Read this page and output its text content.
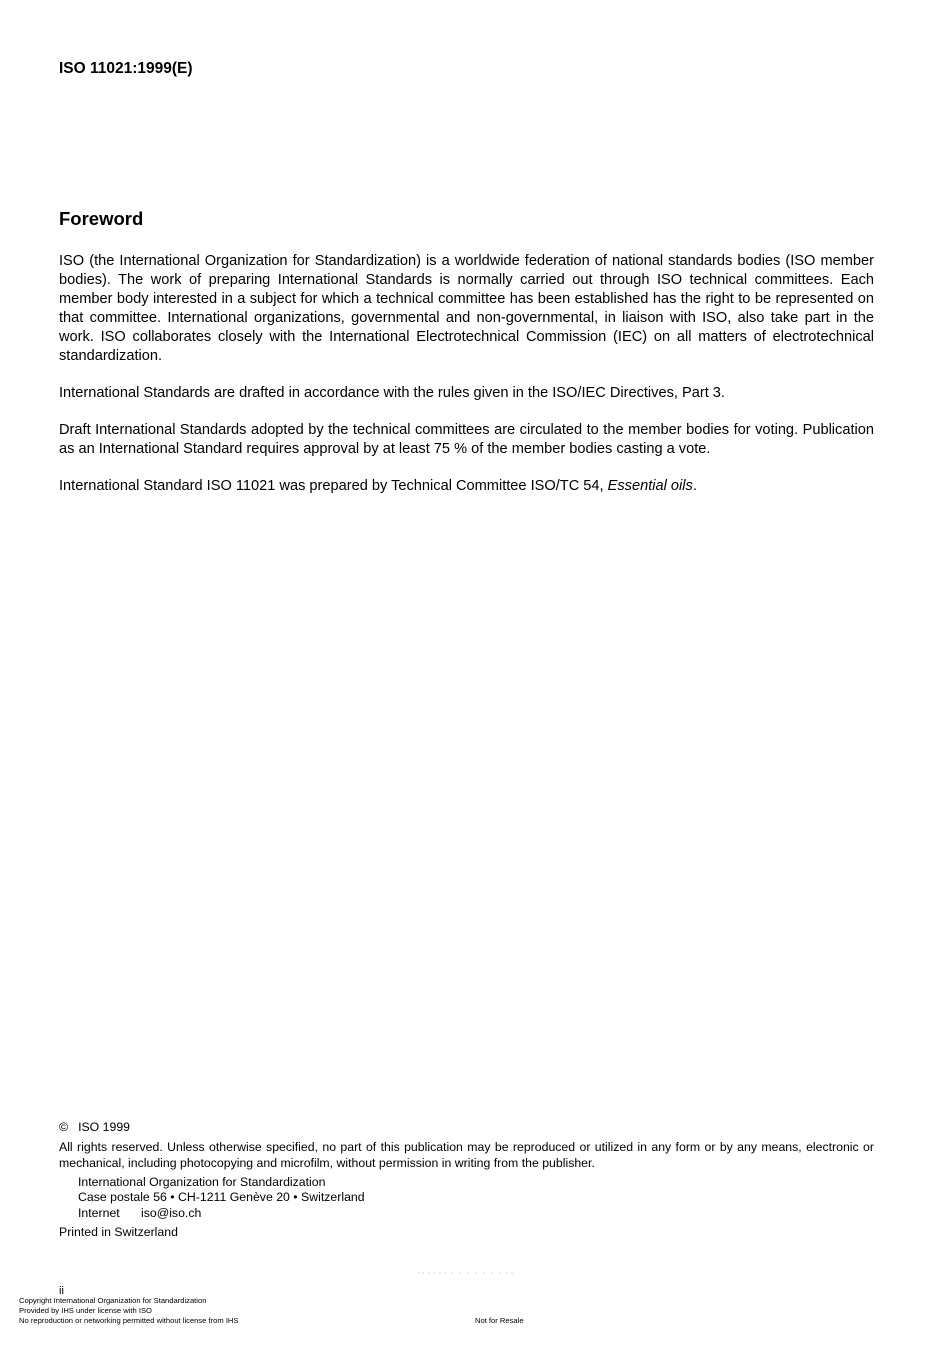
ISO 11021:1999(E)
Foreword

ISO (the International Organization for Standardization) is a worldwide federation of national standards bodies (ISO member bodies). The work of preparing International Standards is normally carried out through ISO technical committees. Each member body interested in a subject for which a technical committee has been established has the right to be represented on that committee. International organizations, governmental and non-governmental, in liaison with ISO, also take part in the work. ISO collaborates closely with the International Electrotechnical Commission (IEC) on all matters of electrotechnical standardization.

International Standards are drafted in accordance with the rules given in the ISO/IEC Directives, Part 3.

Draft International Standards adopted by the technical committees are circulated to the member bodies for voting. Publication as an International Standard requires approval by at least 75 % of the member bodies casting a vote.

International Standard ISO 11021 was prepared by Technical Committee ISO/TC 54, Essential oils.

© ISO 1999

All rights reserved. Unless otherwise specified, no part of this publication may be reproduced or utilized in any form or by any means, electronic or mechanical, including photocopying and microfilm, without permission in writing from the publisher.

International Organization for Standardization
Case postale 56 • CH-1211 Genève 20 • Switzerland
Internet iso@iso.ch
Printed in Switzerland
ii
Copyright International Organization for Standardization
Provided by IHS under license with ISO
No reproduction or networking permitted without license from IHS	Not for Resale
